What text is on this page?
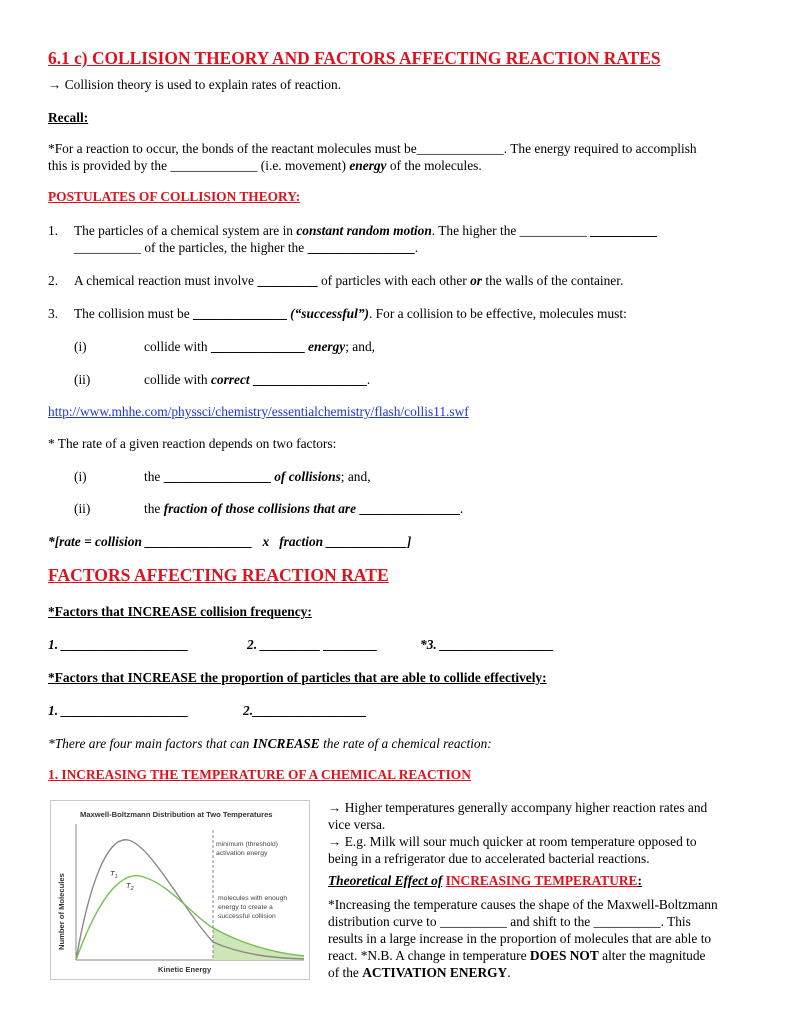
6.1 c) COLLISION THEORY AND FACTORS AFFECTING REACTION RATES
→ Collision theory is used to explain rates of reaction.
Recall:
*For a reaction to occur, the bonds of the reactant molecules must be_____________. The energy required to accomplish
this is provided by the _____________ (i.e. movement) energy of the molecules.
POSTULATES OF COLLISION THEORY:
1. The particles of a chemical system are in constant random motion. The higher the __________ __________
__________ of the particles, the higher the ________________.
2. A chemical reaction must involve _________ of particles with each other or the walls of the container.
3. The collision must be ______________ (“successful”). For a collision to be effective, molecules must:
(i)	collide with ______________ energy; and,
(ii)	collide with correct _________________.
http://www.mhhe.com/physsci/chemistry/essentialchemistry/flash/collis11.swf
* The rate of a given reaction depends on two factors:
(i)	the ________________ of collisions; and,
(ii)	the fraction of those collisions that are _______________.
*[rate = collision ________________ x fraction ____________]
FACTORS AFFECTING REACTION RATE
*Factors that INCREASE collision frequency:
1. ___________________	2. _________ ________	*3. _________________
*Factors that INCREASE the proportion of particles that are able to collide effectively:
1. ___________________	2._________________
*There are four main factors that can INCREASE the rate of a chemical reaction:
1. INCREASING THE TEMPERATURE OF A CHEMICAL REACTION
Maxwell-Boltzmann Distribution at Two Temperatures
Number of Molecules
Kinetic Energy
$T_1$
$T_2$
minimum (threshold)
activation energy
molecules with enough
energy to create a
successful collision
→ Higher temperatures generally accompany higher reaction rates and
vice versa.
→ E.g. Milk will sour much quicker at room temperature opposed to
being in a refrigerator due to accelerated bacterial reactions.
Theoretical Effect of INCREASING TEMPERATURE:
*Increasing the temperature causes the shape of the Maxwell-Boltzmann
distribution curve to __________ and shift to the __________. This
results in a large increase in the proportion of molecules that are able to
react. *N.B. A change in temperature DOES NOT alter the magnitude
of the ACTIVATION ENERGY.
